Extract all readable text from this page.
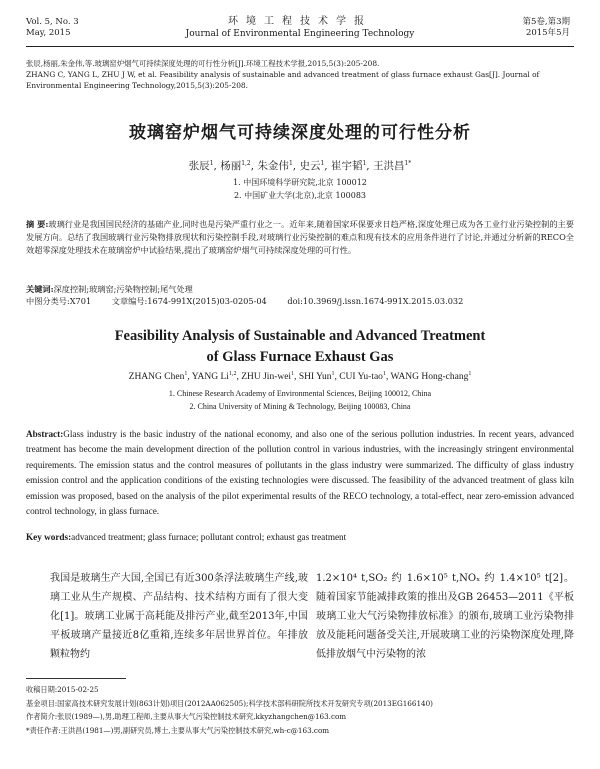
Vol. 5, No. 3
May, 2015
环境工程技术学报
Journal of Environmental Engineering Technology
第5卷,第3期
2015年5月
张辰,杨丽,朱金伟,等.玻璃窑炉烟气可持续深度处理的可行性分析[J].环境工程技术学报,2015,5(3):205-208.
ZHANG C, YANG L, ZHU J W, et al. Feasibility analysis of sustainable and advanced treatment of glass furnace exhaust Gas[J]. Journal of Environmental Engineering Technology,2015,5(3):205-208.
玻璃窑炉烟气可持续深度处理的可行性分析
张辰$^1$, 杨丽$^{1,2}$, 朱金伟$^1$, 史云$^1$, 崔宇韬$^1$, 王洪昌$^{1*}$
1. 中国环境科学研究院,北京 100012
2. 中国矿业大学(北京),北京 100083
摘 要:玻璃行业是我国国民经济的基础产业,同时也是污染严重行业之一。近年来,随着国家环保要求日趋严格,深度处理已成为各工业行业污染控制的主要发展方向。总结了我国玻璃行业污染物排放现状和污染控制手段,对玻璃行业污染控制的难点和现有技术的应用条件进行了讨论,并通过分析新的RECO全效超零深度处理技术在玻璃窑炉中试验结果,提出了玻璃窑炉烟气可持续深度处理的可行性。
关键词:深度控制;玻璃窑;污染物控制;尾气处理
中图分类号:X701	文章编号:1674-991X(2015)03-0205-04	doi:10.3969/j.issn.1674-991X.2015.03.032
Feasibility Analysis of Sustainable and Advanced Treatment
of Glass Furnace Exhaust Gas
ZHANG Chen$^1$, YANG Li$^{1,2}$, ZHU Jin-wei$^1$, SHI Yun$^1$, CUI Yu-tao$^1$, WANG Hong-chang$^1$
1. Chinese Research Academy of Environmental Sciences, Beijing 100012, China
2. China University of Mining & Technology, Beijing 100083, China
Abstract:Glass industry is the basic industry of the national economy, and also one of the serious pollution industries. In recent years, advanced treatment has become the main development direction of the pollution control in various industries, with the increasingly stringent environmental requirements. The emission status and the control measures of pollutants in the glass industry were summarized. The difficulty of glass industry emission control and the application conditions of the existing technologies were discussed. The feasibility of the advanced treatment of glass kiln emission was proposed, based on the analysis of the pilot experimental results of the RECO technology, a total-effect, near zero-emission advanced control technology, in glass furnace.
Key words:advanced treatment; glass furnace; pollutant control; exhaust gas treatment
我国是玻璃生产大国,全国已有近300条浮法玻璃生产线,玻璃工业从生产规模、产品结构、技术结构方面有了很大变化[1]。玻璃工业属于高耗能及排污产业,截至2013年,中国平板玻璃产量接近8亿重箱,连续多年居世界首位。年排放颗粒物约
1.2×10⁴ t,SO₂ 约 1.6×10⁵ t,NOₓ 约 1.4×10⁵ t[2]。随着国家节能减排政策的推出及GB 26453—2011《平板玻璃工业大气污染物排放标准》的颁布,玻璃工业污染物排放及能耗问题备受关注,开展玻璃工业的污染物深度处理,降低排放烟气中污染物的浓
收稿日期:2015-02-25
基金项目:国家高技术研究发展计划(863计划)项目(2012AA062505);科学技术部科研院所技术开发研究专项(2013EG166140)
作者简介:张辰(1989—),男,助理工程师,主要从事大气污染控制技术研究,kkyzhangchen@163.com
*责任作者:王洪昌(1981—)男,副研究员,博士,主要从事大气污染控制技术研究,wh-c@163.com
